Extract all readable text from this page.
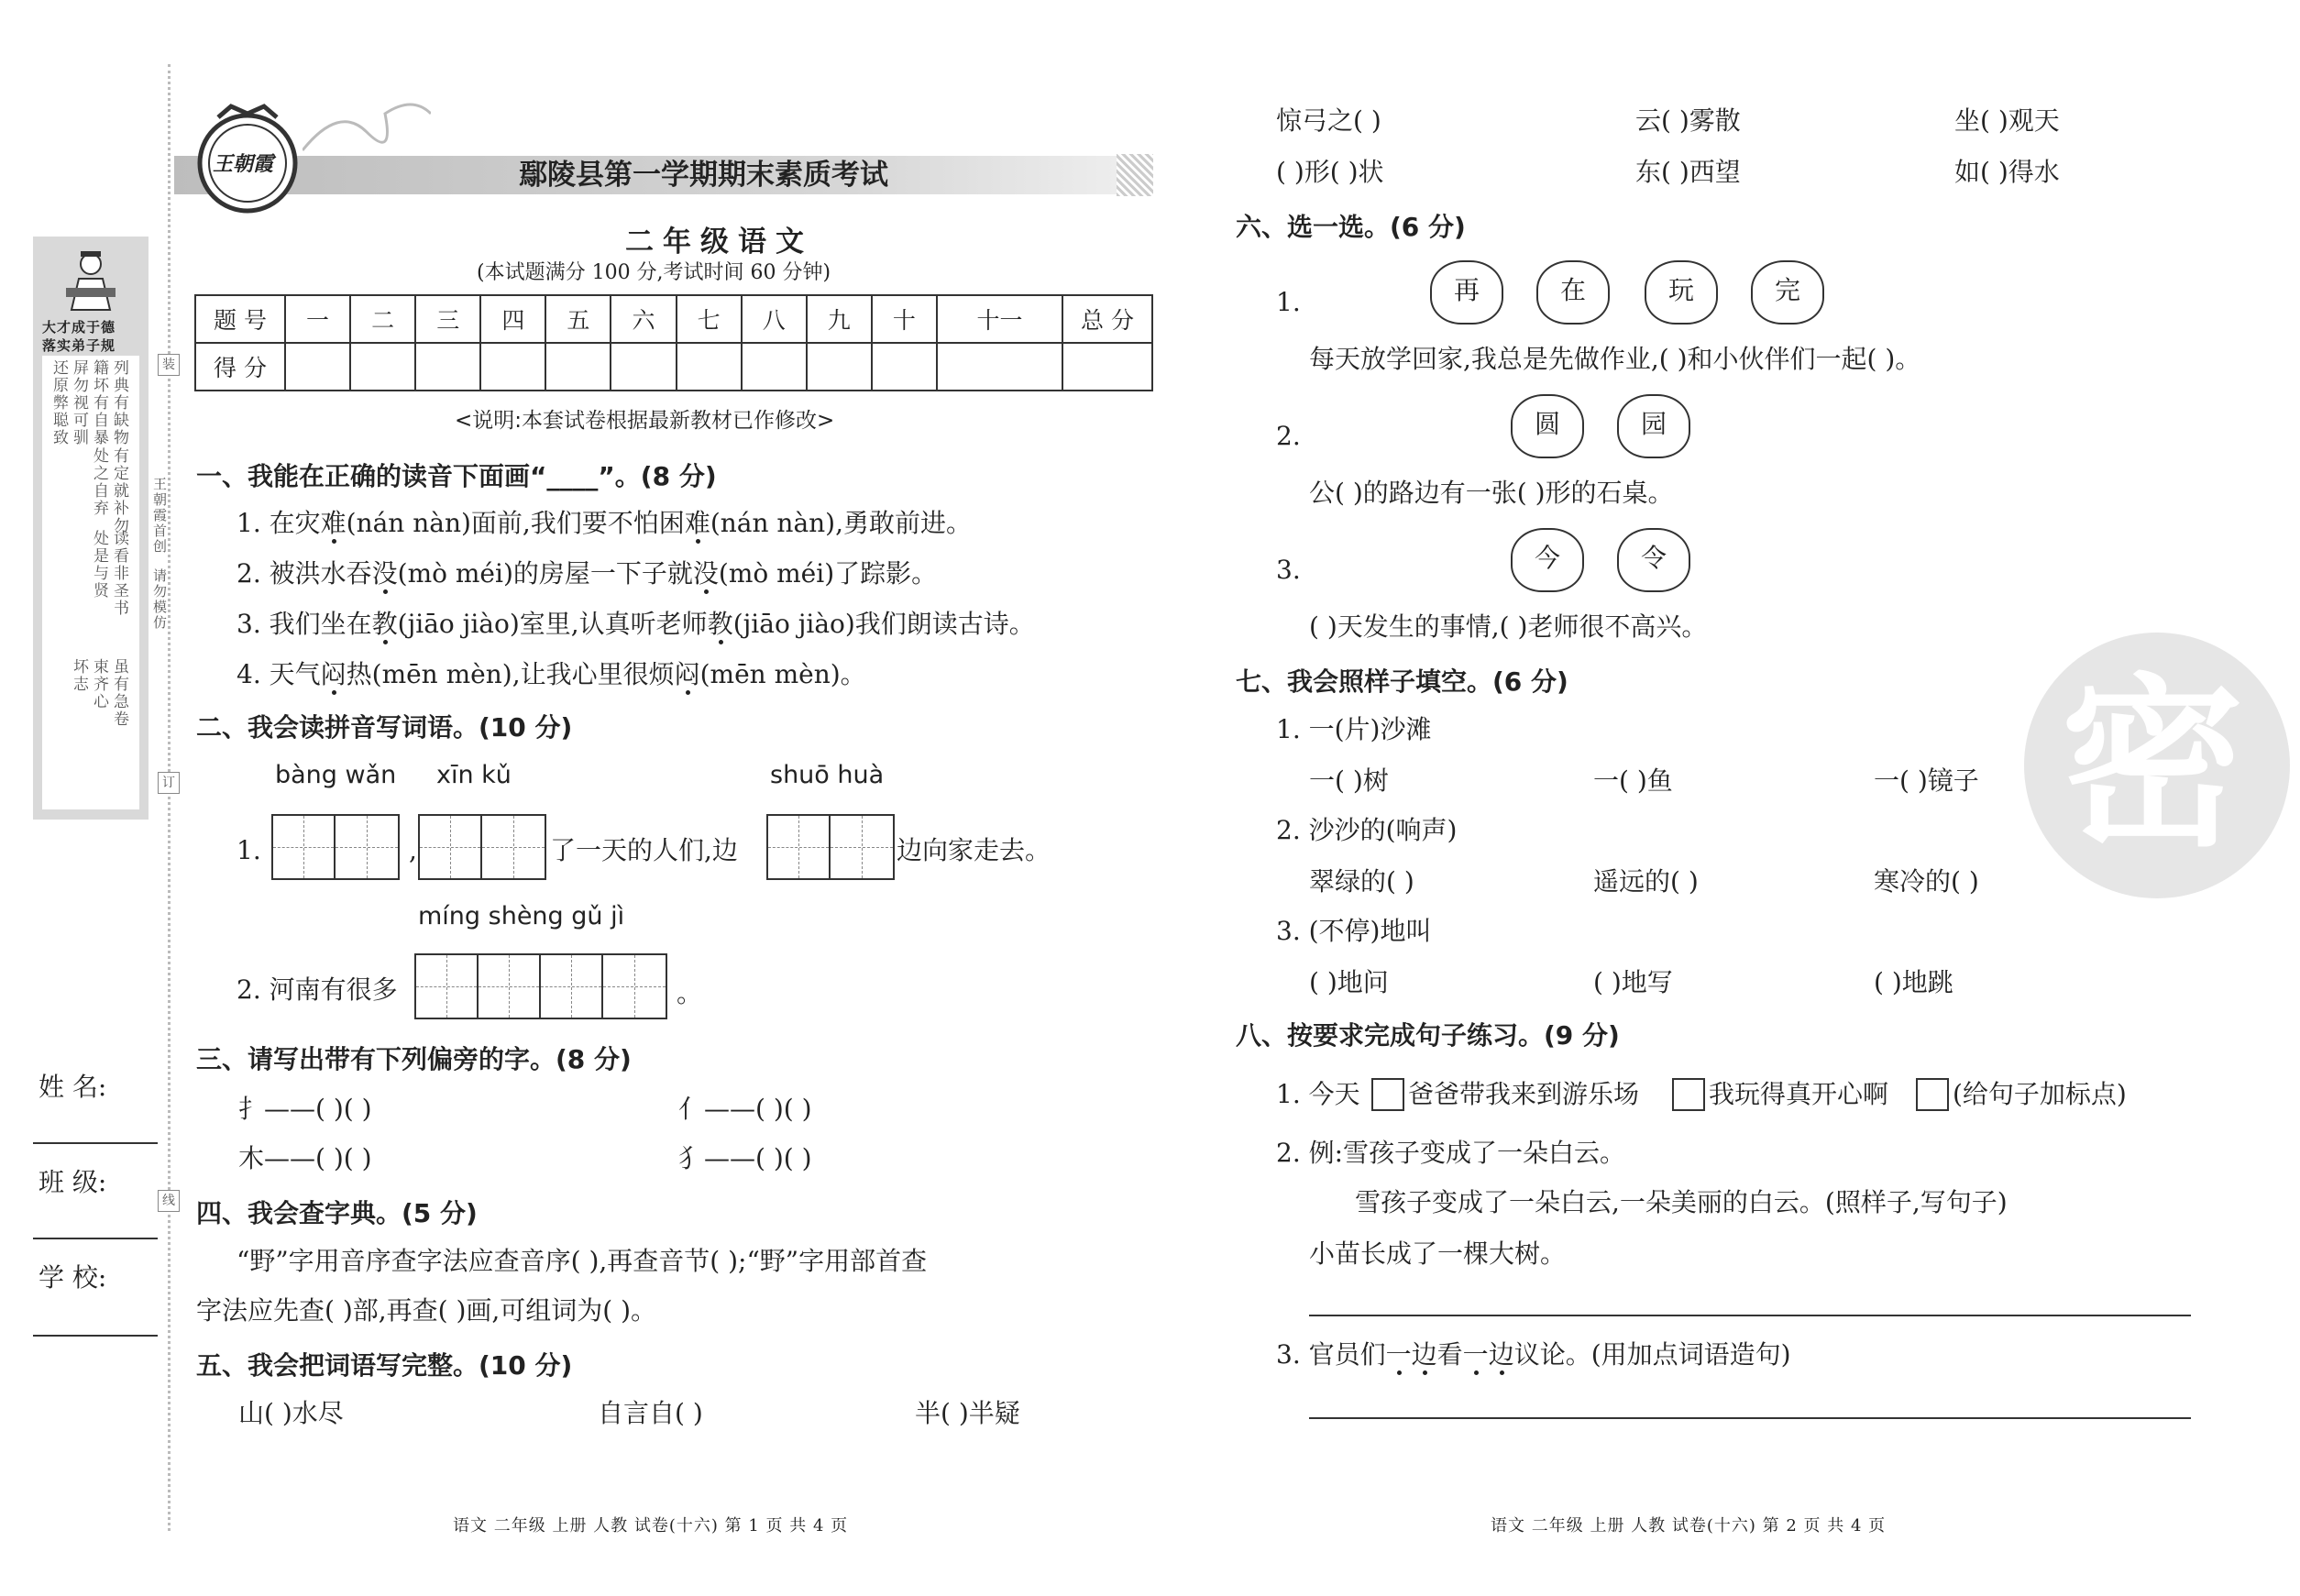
大才成于德
落实弟子规
列典有缺物
籍坏有自暴
有定就补勿
处之自弃
读看非圣书
处是与贤
屏勿视可驯
还原弊聪致
虽有急卷
束齐心
坏志
姓 名:
班 级:
学 校:
装
订
线
王朝霞首创
请勿模仿
王朝霞	鄢陵县第一学期期末素质考试
二年级语文
(本试题满分 100 分,考试时间 60 分钟)
题 号	一	二	三	四	五	六	七	八	九	十	十一	总 分
得 分												
<说明:本套试卷根据最新教材已作修改>
一、我能在正确的读音下面画“____”。(8 分)
1. 在灾难(nán nàn)面前,我们要不怕困难(nán nàn),勇敢前进。
2. 被洪水吞没(mò méi)的房屋一下子就没(mò méi)了踪影。
3. 我们坐在教(jiāo jiào)室里,认真听老师教(jiāo jiào)我们朗读古诗。
4. 天气闷热(mēn mèn),让我心里很烦闷(mēn mèn)。
二、我会读拼音写词语。(10 分)
bàng wǎn xīn kǔ	shuō huà
1.	,	了一天的人们,边	边向家走去。
míng shèng gǔ jì
2. 河南有很多	。
三、请写出带有下列偏旁的字。(8 分)
扌——( )( )	亻——( )( )
木——( )( )	犭——( )( )
四、我会查字典。(5 分)
“野”字用音序查字法应查音序( ),再查音节( );“野”字用部首查
字法应先查( )部,再查( )画,可组词为( )。
五、我会把词语写完整。(10 分)
山( )水尽	自言自( )	半( )半疑
语文 二年级 上册 人教 试卷(十六) 第 1 页 共 4 页
惊弓之( )	云( )雾散	坐( )观天
( )形( )状	东( )西望	如( )得水
六、选一选。(6 分)
1.	再	在	玩	完
每天放学回家,我总是先做作业,( )和小伙伴们一起( )。
2.	圆	园
公( )的路边有一张( )形的石桌。
3.	今	令
( )天发生的事情,( )老师很不高兴。
七、我会照样子填空。(6 分)
1. 一(片)沙滩
一( )树	一( )鱼	一( )镜子
2. 沙沙的(响声)
翠绿的( )	遥远的( )	寒冷的( )
3. (不停)地叫
( )地问	( )地写	( )地跳
八、按要求完成句子练习。(9 分)
1. 今天 爸爸带我来到游乐场	我玩得真开心啊 (给句子加标点)
2. 例:雪孩子变成了一朵白云。
雪孩子变成了一朵白云,一朵美丽的白云。(照样子,写句子)
小苗长成了一棵大树。
3. 官员们一边看一边议论。(用加点词语造句)
密
语文 二年级 上册 人教 试卷(十六) 第 2 页 共 4 页
